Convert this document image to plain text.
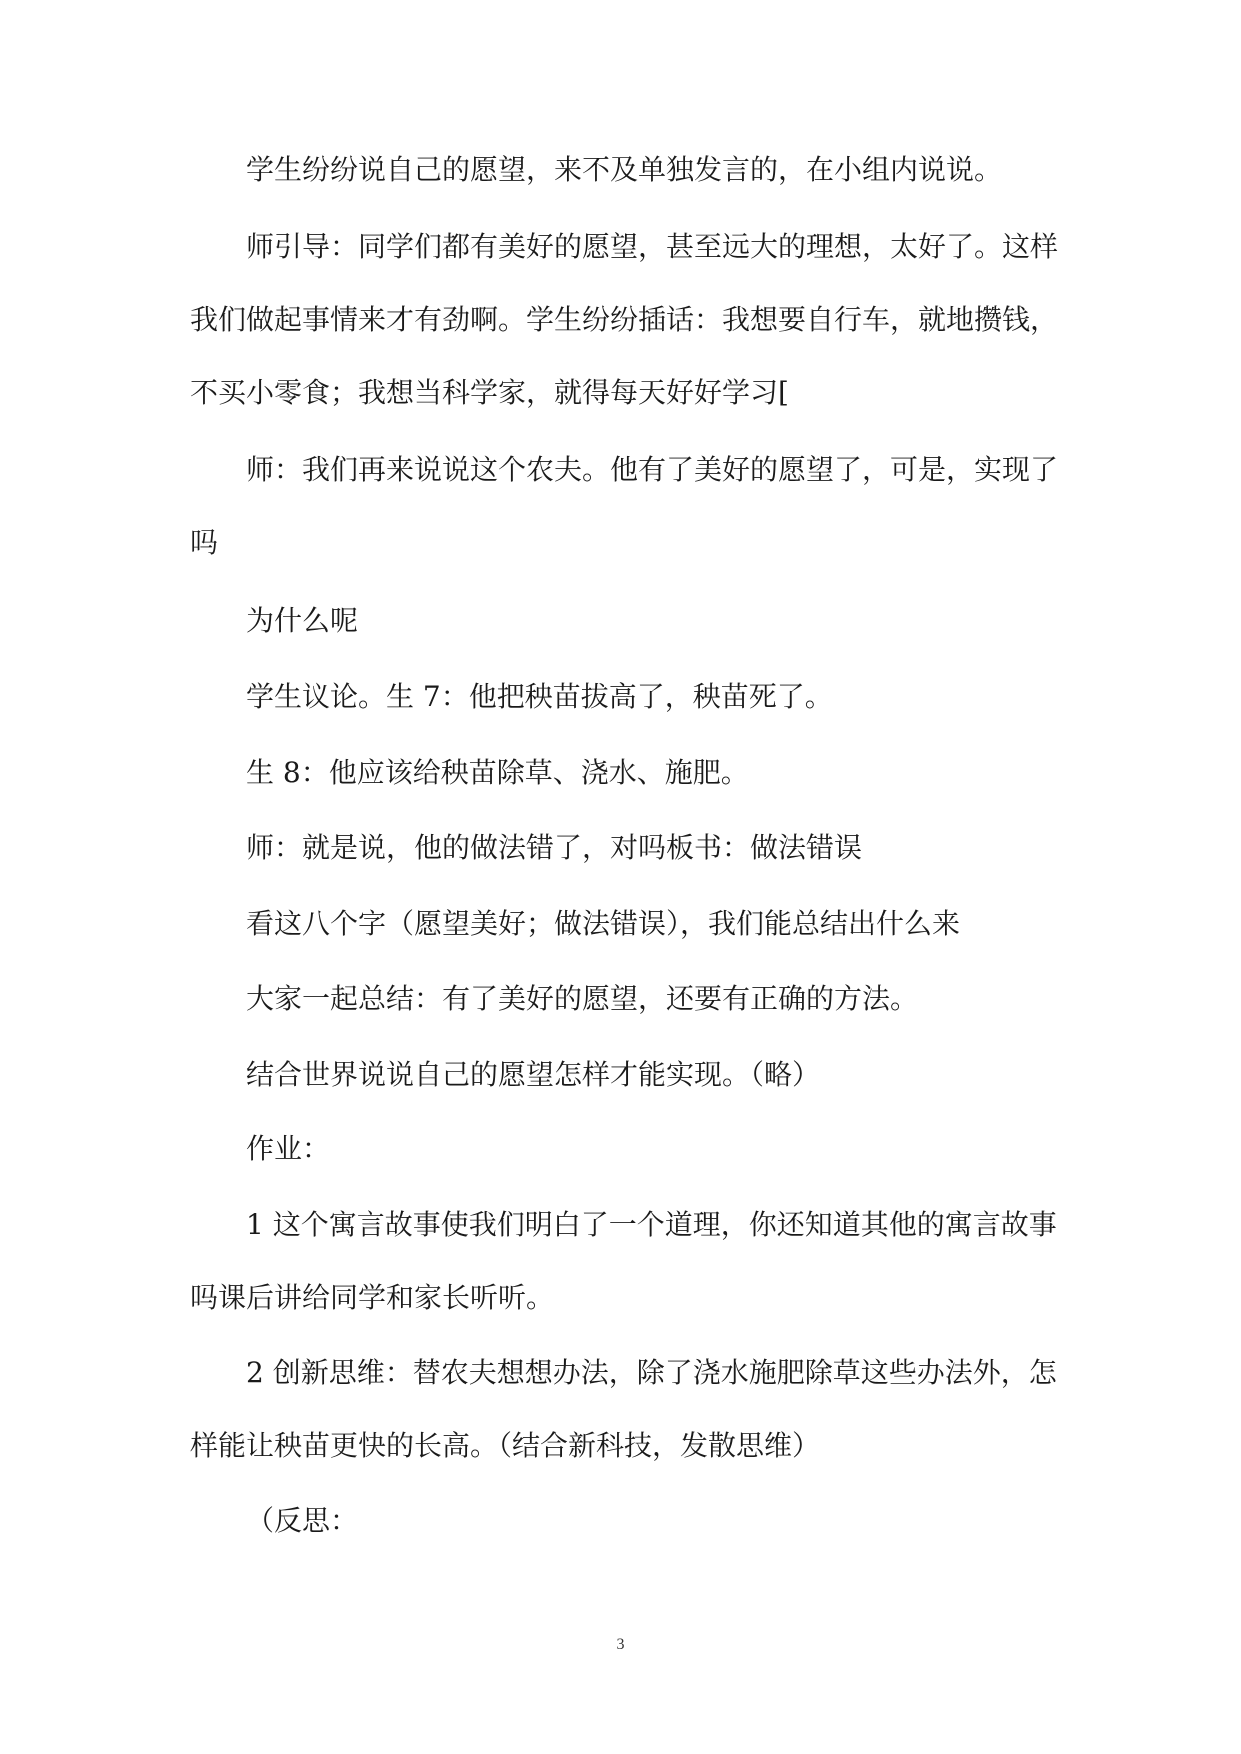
学生纷纷说自己的愿望，来不及单独发言的，在小组内说说。

师引导：同学们都有美好的愿望，甚至远大的理想，太好了。这样我们做起事情来才有劲啊。学生纷纷插话：我想要自行车，就地攒钱，不买小零食；我想当科学家，就得每天好好学习[

师：我们再来说说这个农夫。他有了美好的愿望了，可是，实现了吗

为什么呢

学生议论。生 7：他把秧苗拔高了，秧苗死了。

生 8：他应该给秧苗除草、浇水、施肥。

师：就是说，他的做法错了，对吗板书：做法错误

看这八个字（愿望美好；做法错误），我们能总结出什么来

大家一起总结：有了美好的愿望，还要有正确的方法。

结合世界说说自己的愿望怎样才能实现。（略）

作业：

1 这个寓言故事使我们明白了一个道理，你还知道其他的寓言故事吗课后讲给同学和家长听听。

2 创新思维：替农夫想想办法，除了浇水施肥除草这些办法外，怎样能让秧苗更快的长高。（结合新科技，发散思维）

（反思：

3
